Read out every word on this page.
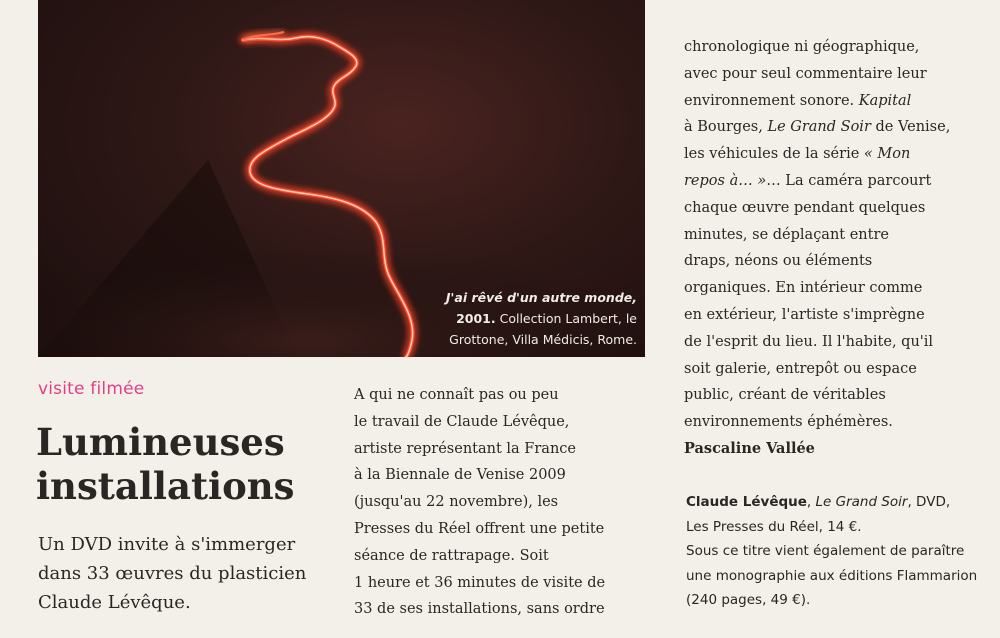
J'ai rêvé d'un autre monde,
2001. Collection Lambert, le
Grottone, Villa Médicis, Rome.
visite filmée
Lumineuses
installations

Un DVD invite à s'immerger
dans 33 œuvres du plasticien
Claude Lévêque.

A qui ne connaît pas ou peu
le travail de Claude Lévêque,
artiste représentant la France
à la Biennale de Venise 2009
(jusqu'au 22 novembre), les
Presses du Réel offrent une petite
séance de rattrapage. Soit
1 heure et 36 minutes de visite de
33 de ses installations, sans ordre

chronologique ni géographique,
avec pour seul commentaire leur
environnement sonore. Kapital
à Bourges, Le Grand Soir de Venise,
les véhicules de la série « Mon
repos à… »… La caméra parcourt
chaque œuvre pendant quelques
minutes, se déplaçant entre
draps, néons ou éléments
organiques. En intérieur comme
en extérieur, l'artiste s'imprègne
de l'esprit du lieu. Il l'habite, qu'il
soit galerie, entrepôt ou espace
public, créant de véritables
environnements éphémères.
Pascaline Vallée

Claude Lévêque, Le Grand Soir, DVD,
Les Presses du Réel, 14 €.
Sous ce titre vient également de paraître
une monographie aux éditions Flammarion
(240 pages, 49 €).
